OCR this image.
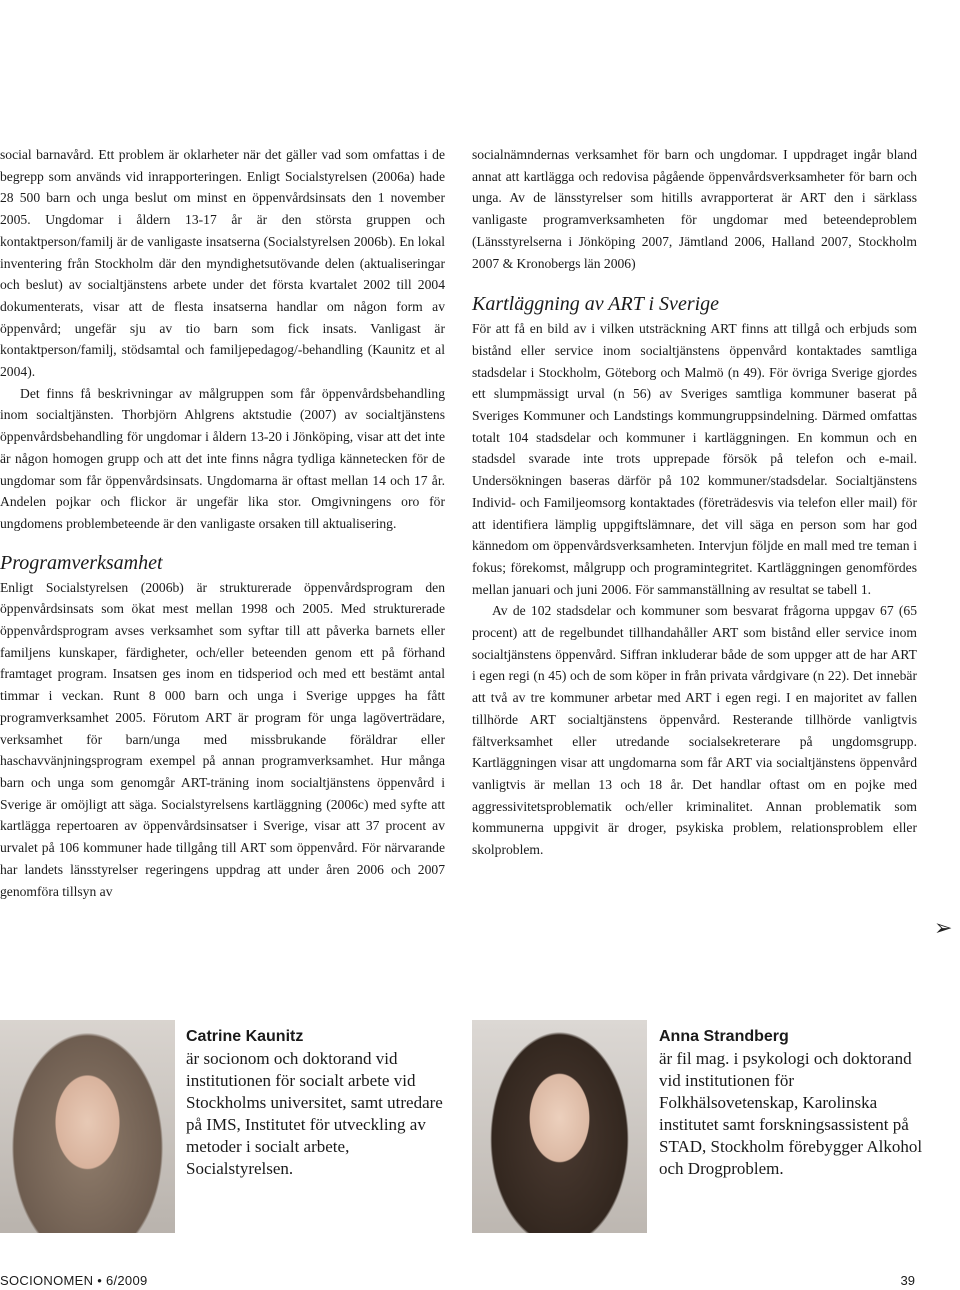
social barnavård. Ett problem är oklarheter när det gäller vad som omfattas i de begrepp som används vid inrapporteringen. Enligt Socialstyrelsen (2006a) hade 28 500 barn och unga beslut om minst en öppenvårdsinsats den 1 november 2005. Ungdomar i åldern 13-17 år är den största gruppen och kontaktperson/familj är de vanligaste insatserna (Socialstyrelsen 2006b). En lokal inventering från Stockholm där den myndighetsutövande delen (aktualiseringar och beslut) av socialtjänstens arbete under det första kvartalet 2002 till 2004 dokumenterats, visar att de flesta insatserna handlar om någon form av öppenvård; ungefär sju av tio barn som fick insats. Vanligast är kontaktperson/familj, stödsamtal och familjepedagog/-behandling (Kaunitz et al 2004).

Det finns få beskrivningar av målgruppen som får öppenvårdsbehandling inom socialtjänsten. Thorbjörn Ahlgrens aktstudie (2007) av socialtjänstens öppenvårdsbehandling för ungdomar i åldern 13-20 i Jönköping, visar att det inte är någon homogen grupp och att det inte finns några tydliga kännetecken för de ungdomar som får öppenvårdsinsats. Ungdomarna är oftast mellan 14 och 17 år. Andelen pojkar och flickor är ungefär lika stor. Omgivningens oro för ungdomens problembeteende är den vanligaste orsaken till aktualisering.

Programverksamhet

Enligt Socialstyrelsen (2006b) är strukturerade öppenvårdsprogram den öppenvårdsinsats som ökat mest mellan 1998 och 2005. Med strukturerade öppenvårdsprogram avses verksamhet som syftar till att påverka barnets eller familjens kunskaper, färdigheter, och/eller beteenden genom ett på förhand framtaget program. Insatsen ges inom en tidsperiod och med ett bestämt antal timmar i veckan. Runt 8 000 barn och unga i Sverige uppges ha fått programverksamhet 2005. Förutom ART är program för unga lagöverträdare, verksamhet för barn/unga med missbrukande föräldrar eller haschavvänjningsprogram exempel på annan programverksamhet. Hur många barn och unga som genomgår ART-träning inom socialtjänstens öppenvård i Sverige är omöjligt att säga. Socialstyrelsens kartläggning (2006c) med syfte att kartlägga repertoaren av öppenvårdsinsatser i Sverige, visar att 37 procent av urvalet på 106 kommuner hade tillgång till ART som öppenvård. För närvarande har landets länsstyrelser regeringens uppdrag att under åren 2006 och 2007 genomföra tillsyn av

socialnämndernas verksamhet för barn och ungdomar. I uppdraget ingår bland annat att kartlägga och redovisa pågående öppenvårdsverksamheter för barn och unga. Av de länsstyrelser som hitills avrapporterat är ART den i särklass vanligaste programverksamheten för ungdomar med beteendeproblem (Länsstyrelserna i Jönköping 2007, Jämtland 2006, Halland 2007, Stockholm 2007 & Kronobergs län 2006)

Kartläggning av ART i Sverige

För att få en bild av i vilken utsträckning ART finns att tillgå och erbjuds som bistånd eller service inom socialtjänstens öppenvård kontaktades samtliga stadsdelar i Stockholm, Göteborg och Malmö (n 49). För övriga Sverige gjordes ett slumpmässigt urval (n 56) av Sveriges samtliga kommuner baserat på Sveriges Kommuner och Landstings kommungruppsindelning. Därmed omfattas totalt 104 stadsdelar och kommuner i kartläggningen. En kommun och en stadsdel svarade inte trots upprepade försök på telefon och e-mail. Undersökningen baseras därför på 102 kommuner/stadsdelar. Socialtjänstens Individ- och Familjeomsorg kontaktades (företrädesvis via telefon eller mail) för att identifiera lämplig uppgiftslämnare, det vill säga en person som har god kännedom om öppenvårdsverksamheten. Intervjun följde en mall med tre teman i fokus; förekomst, målgrupp och programintegritet. Kartläggningen genomfördes mellan januari och juni 2006. För sammanställning av resultat se tabell 1.

Av de 102 stadsdelar och kommuner som besvarat frågorna uppgav 67 (65 procent) att de regelbundet tillhandahåller ART som bistånd eller service inom socialtjänstens öppenvård. Siffran inkluderar både de som uppger att de har ART i egen regi (n 45) och de som köper in från privata vårdgivare (n 22). Det innebär att två av tre kommuner arbetar med ART i egen regi. I en majoritet av fallen tillhörde ART socialtjänstens öppenvård. Resterande tillhörde vanligtvis fältverksamhet eller utredande socialsekreterare på ungdomsgrupp. Kartläggningen visar att ungdomarna som får ART via socialtjänstens öppenvård vanligtvis är mellan 13 och 18 år. Det handlar oftast om en pojke med aggressivitetsproblematik och/eller kriminalitet. Annan problematik som kommunerna uppgivit är droger, psykiska problem, relationsproblem eller skolproblem.

➢
Catrine Kaunitz
är socionom och doktorand vid institutionen för socialt arbete vid Stockholms universitet, samt utredare på IMS, Institutet för utveckling av metoder i socialt arbete, Socialstyrelsen.
Anna Strandberg
är fil mag. i psykologi och doktorand vid institutionen för Folkhälsovetenskap, Karolinska institutet samt forskningsassistent på STAD, Stockholm förebygger Alkohol och Drogproblem.
SOCIONOMEN • 6/2009	39
